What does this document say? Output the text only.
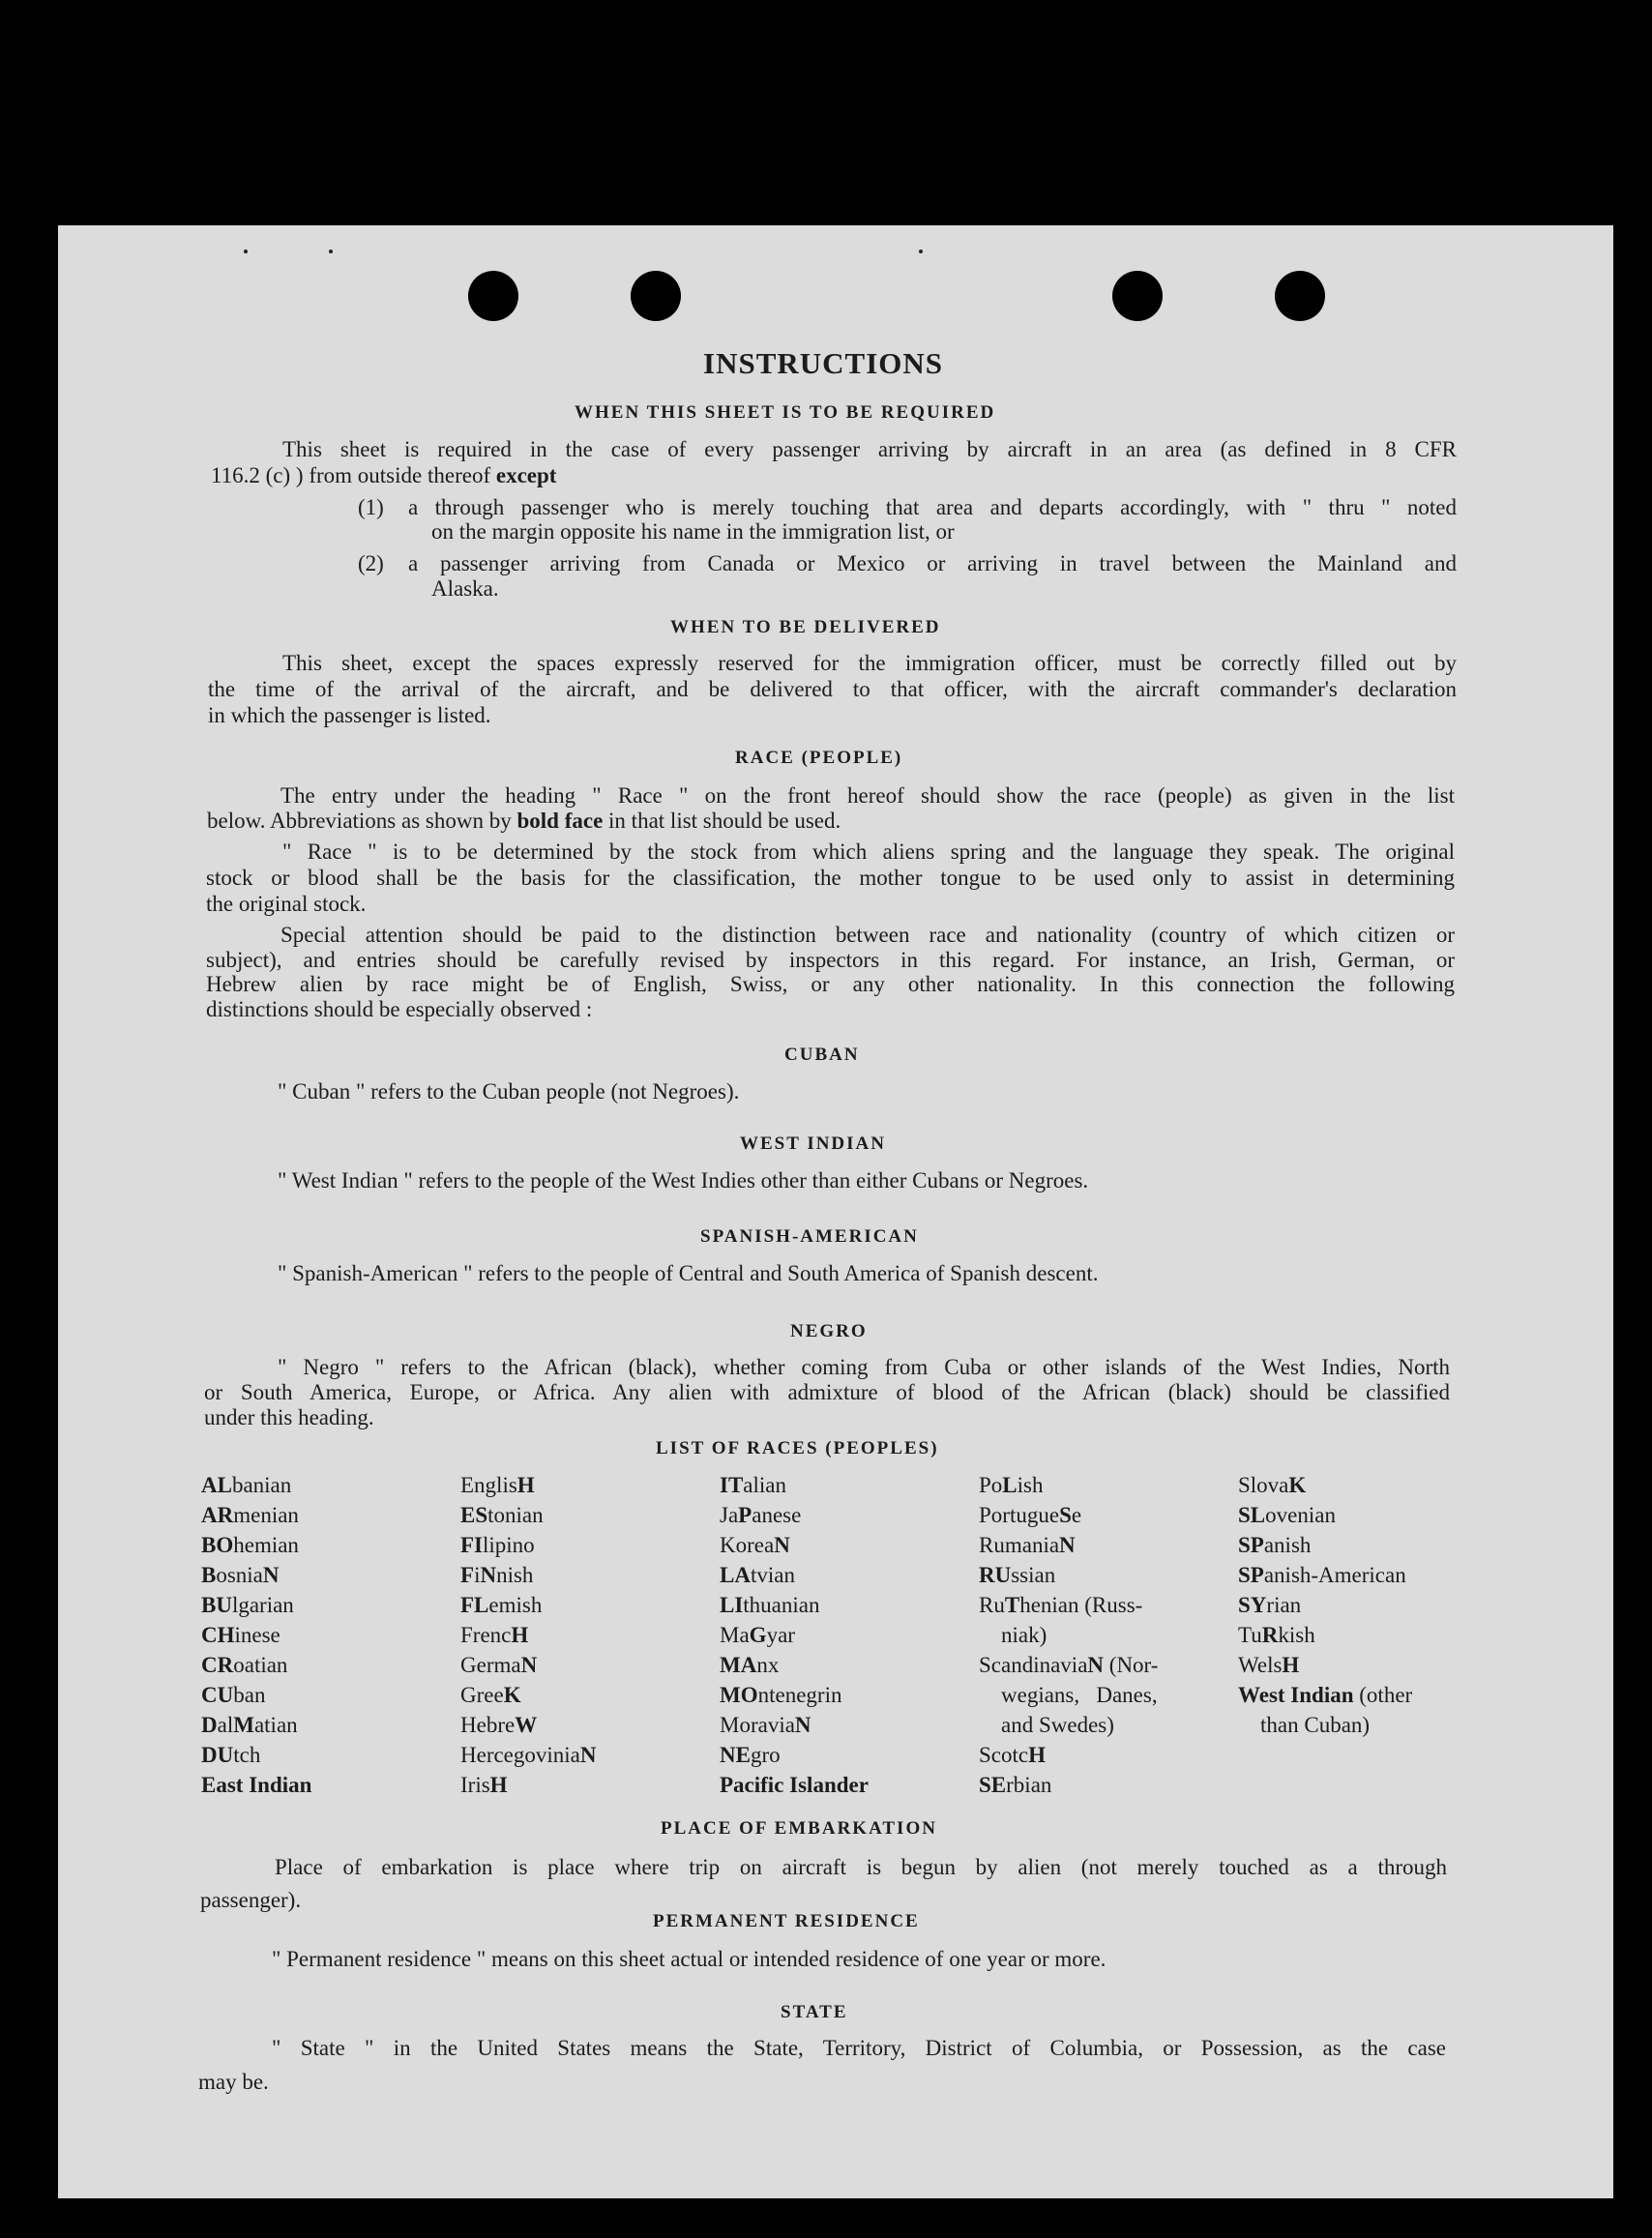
INSTRUCTIONS
WHEN THIS SHEET IS TO BE REQUIRED
This sheet is required in the case of every passenger arriving by aircraft in an area (as defined in 8 CFR
116.2 (c) ) from outside thereof except
(1) a through passenger who is merely touching that area and departs accordingly, with " thru " noted
on the margin opposite his name in the immigration list, or
(2) a passenger arriving from Canada or Mexico or arriving in travel between the Mainland and
Alaska.
WHEN TO BE DELIVERED
This sheet, except the spaces expressly reserved for the immigration officer, must be correctly filled out by
the time of the arrival of the aircraft, and be delivered to that officer, with the aircraft commander's declaration
in which the passenger is listed.
RACE (PEOPLE)
The entry under the heading " Race " on the front hereof should show the race (people) as given in the list
below. Abbreviations as shown by bold face in that list should be used.
" Race " is to be determined by the stock from which aliens spring and the language they speak. The original
stock or blood shall be the basis for the classification, the mother tongue to be used only to assist in determining
the original stock.
Special attention should be paid to the distinction between race and nationality (country of which citizen or
subject), and entries should be carefully revised by inspectors in this regard. For instance, an Irish, German, or
Hebrew alien by race might be of English, Swiss, or any other nationality. In this connection the following
distinctions should be especially observed :
CUBAN
" Cuban " refers to the Cuban people (not Negroes).
WEST INDIAN
" West Indian " refers to the people of the West Indies other than either Cubans or Negroes.
SPANISH-AMERICAN
" Spanish-American " refers to the people of Central and South America of Spanish descent.
NEGRO
" Negro " refers to the African (black), whether coming from Cuba or other islands of the West Indies, North
or South America, Europe, or Africa. Any alien with admixture of blood of the African (black) should be classified
under this heading.
LIST OF RACES (PEOPLES)
ALbanian
ARmenian
BOhemian
BosniaN
BUlgarian
CHinese
CRoatian
CUban
DalMatian
DUtch
East Indian
EnglisH
EStonian
FIlipino
FiNnish
FLemish
FrencH
GermaN
GreeK
HebreW
HercegoviniaN
IrisH
ITalian
JaPanese
KoreaN
LAtvian
LIthuanian
MaGyar
MAnx
MOntenegrin
MoraviaN
NEgro
Pacific Islander
PoLish
PortugueSe
RumaniaN
RUssian
RuThenian (Russ-
niak)
ScandinaviaN (Nor-
wegians,   Danes,
and Swedes)
ScotcH
SErbian
SlovaK
SLovenian
SPanish
SPanish-American
SYrian
TuRkish
WelsH
West Indian (other
than Cuban)
PLACE OF EMBARKATION
Place of embarkation is place where trip on aircraft is begun by alien (not merely touched as a through
passenger).
PERMANENT RESIDENCE
" Permanent residence " means on this sheet actual or intended residence of one year or more.
STATE
" State " in the United States means the State, Territory, District of Columbia, or Possession, as the case
may be.
